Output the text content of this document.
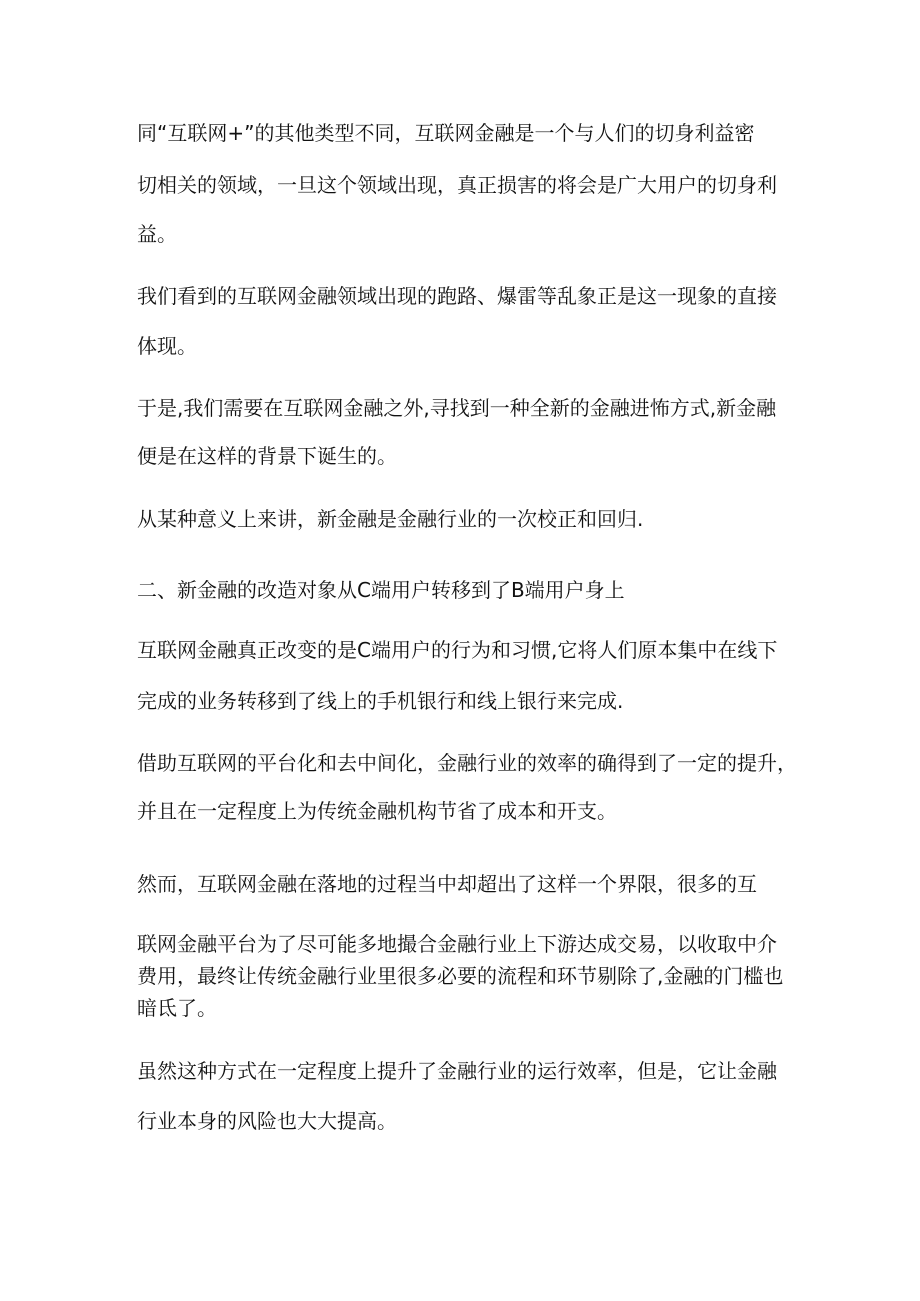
同“互联网+”的其他类型不同，互联网金融是一个与人们的切身利益密
切相关的领域，一旦这个领域出现，真正损害的将会是广大用户的切身利
益。
我们看到的互联网金融领域出现的跑路、爆雷等乱象正是这一现象的直接
体现。
于是,我们需要在互联网金融之外,寻找到一种全新的金融进怖方式,新金融
便是在这样的背景下诞生的。
从某种意义上来讲，新金融是金融行业的一次校正和回归.
二、新金融的改造对象从C端用户转移到了B端用户身上
互联网金融真正改变的是C端用户的行为和习惯,它将人们原本集中在线下
完成的业务转移到了线上的手机银行和线上银行来完成.
借助互联网的平台化和去中间化，金融行业的效率的确得到了一定的提升，
并且在一定程度上为传统金融机构节省了成本和开支。
然而，互联网金融在落地的过程当中却超出了这样一个界限，很多的互
联网金融平台为了尽可能多地撮合金融行业上下游达成交易，以收取中介
费用，最终让传统金融行业里很多必要的流程和环节剔除了,金融的门槛也
暗氐了。
虽然这种方式在一定程度上提升了金融行业的运行效率，但是，它让金融
行业本身的风险也大大提高。
